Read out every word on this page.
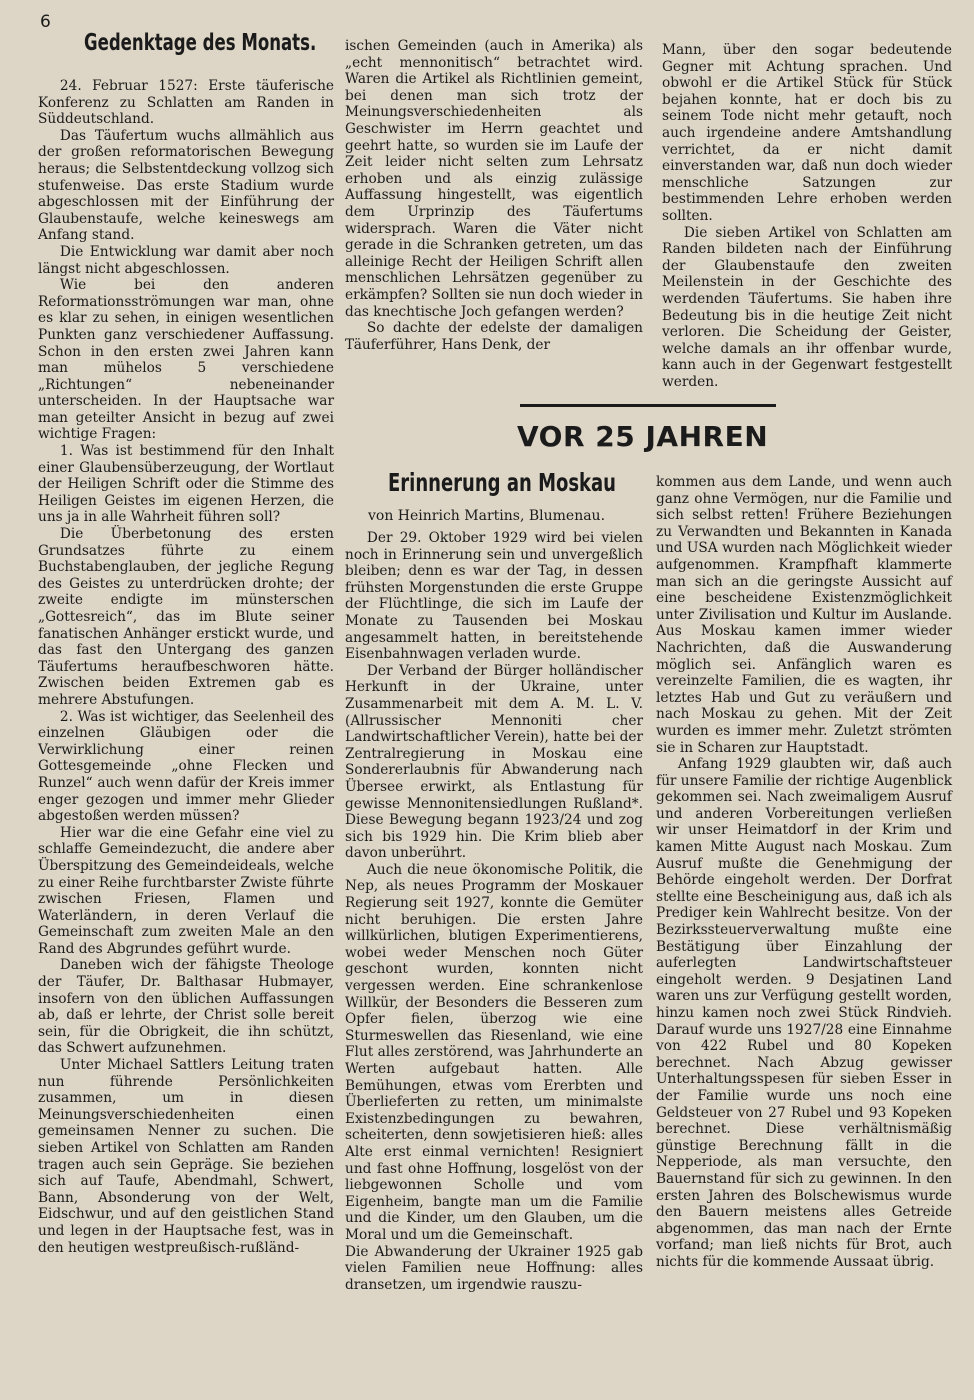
6
Gedenktage des Monats.

24. Februar 1527: Erste täuferische Konferenz zu Schlatten am Randen in Süddeutschland.

Das Täufertum wuchs allmählich aus der großen reformatorischen Bewegung heraus; die Selbstentdeckung vollzog sich stufenweise. Das erste Stadium wurde abgeschlossen mit der Einführung der Glaubenstaufe, welche keineswegs am Anfang stand.

Die Entwicklung war damit aber noch längst nicht abgeschlossen.

Wie bei den anderen Reformationsströmungen war man, ohne es klar zu sehen, in einigen wesentlichen Punkten ganz verschiedener Auffassung. Schon in den ersten zwei Jahren kann man mühelos 5 verschiedene „Richtungen“ nebeneinander unterscheiden. In der Hauptsache war man geteilter Ansicht in bezug auf zwei wichtige Fragen:

1. Was ist bestimmend für den Inhalt einer Glaubensüberzeugung, der Wortlaut der Heiligen Schrift oder die Stimme des Heiligen Geistes im eigenen Herzen, die uns ja in alle Wahrheit führen soll?

Die Überbetonung des ersten Grundsatzes führte zu einem Buchstabenglauben, der jegliche Regung des Geistes zu unterdrücken drohte; der zweite endigte im münsterschen „Gottesreich“, das im Blute seiner fanatischen Anhänger erstickt wurde, und das fast den Untergang des ganzen Täufertums heraufbeschworen hätte. Zwischen beiden Extremen gab es mehrere Abstufungen.

2. Was ist wichtiger, das Seelenheil des einzelnen Gläubigen oder die Verwirklichung einer reinen Gottesgemeinde „ohne Flecken und Runzel“ auch wenn dafür der Kreis immer enger gezogen und immer mehr Glieder abgestoßen werden müssen?

Hier war die eine Gefahr eine viel zu schlaffe Gemeindezucht, die andere aber Überspitzung des Gemeindeideals, welche zu einer Reihe furchtbarster Zwiste führte zwischen Friesen, Flamen und Waterländern, in deren Verlauf die Gemeinschaft zum zweiten Male an den Rand des Abgrundes geführt wurde.

Daneben wich der fähigste Theologe der Täufer, Dr. Balthasar Hubmayer, insofern von den üblichen Auffassungen ab, daß er lehrte, der Christ solle bereit sein, für die Obrigkeit, die ihn schützt, das Schwert aufzunehmen.

Unter Michael Sattlers Leitung traten nun führende Persönlichkeiten zusammen, um in diesen Meinungsverschiedenheiten einen gemeinsamen Nenner zu suchen. Die sieben Artikel von Schlatten am Randen tragen auch sein Gepräge. Sie beziehen sich auf Taufe, Abendmahl, Schwert, Bann, Absonderung von der Welt, Eidschwur, und auf den geistlichen Stand und legen in der Hauptsache fest, was in den heutigen westpreußisch-rußländ-

ischen Gemeinden (auch in Amerika) als „echt mennonitisch“ betrachtet wird. Waren die Artikel als Richtlinien gemeint, bei denen man sich trotz der Meinungsverschiedenheiten als Geschwister im Herrn geachtet und geehrt hatte, so wurden sie im Laufe der Zeit leider nicht selten zum Lehrsatz erhoben und als einzig zulässige Auffassung hingestellt, was eigentlich dem Urprinzip des Täufertums widersprach. Waren die Väter nicht gerade in die Schranken getreten, um das alleinige Recht der Heiligen Schrift allen menschlichen Lehrsätzen gegenüber zu erkämpfen? Sollten sie nun doch wieder in das knechtische Joch gefangen werden?

So dachte der edelste der damaligen Täuferführer, Hans Denk, der

Mann, über den sogar bedeutende Gegner mit Achtung sprachen. Und obwohl er die Artikel Stück für Stück bejahen konnte, hat er doch bis zu seinem Tode nicht mehr getauft, noch auch irgendeine andere Amtshandlung verrichtet, da er nicht damit einverstanden war, daß nun doch wieder menschliche Satzungen zur bestimmenden Lehre erhoben werden sollten.

Die sieben Artikel von Schlatten am Randen bildeten nach der Einführung der Glaubenstaufe den zweiten Meilenstein in der Geschichte des werdenden Täufertums. Sie haben ihre Bedeutung bis in die heutige Zeit nicht verloren. Die Scheidung der Geister, welche damals an ihr offenbar wurde, kann auch in der Gegenwart festgestellt werden.

VOR 25 JAHREN
Erinnerung an Moskau
von Heinrich Martins, Blumenau.

Der 29. Oktober 1929 wird bei vielen noch in Erinnerung sein und unvergeßlich bleiben; denn es war der Tag, in dessen frühsten Morgenstunden die erste Gruppe der Flüchtlinge, die sich im Laufe der Monate zu Tausenden bei Moskau angesammelt hatten, in bereitstehende Eisenbahnwagen verladen wurde.

Der Verband der Bürger holländischer Herkunft in der Ukraine, unter Zusammenarbeit mit dem A. M. L. V. (Allrussischer Mennoniti cher Landwirtschaftlicher Verein), hatte bei der Zentralregierung in Moskau eine Sondererlaubnis für Abwanderung nach Übersee erwirkt, als Entlastung für gewisse Mennonitensiedlungen Rußland*. Diese Bewegung begann 1923/24 und zog sich bis 1929 hin. Die Krim blieb aber davon unberührt.

Auch die neue ökonomische Politik, die Nep, als neues Programm der Moskauer Regierung seit 1927, konnte die Gemüter nicht beruhigen. Die ersten Jahre willkürlichen, blutigen Experimentierens, wobei weder Menschen noch Güter geschont wurden, konnten nicht vergessen werden. Eine schrankenlose Willkür, der Besonders die Besseren zum Opfer fielen, überzog wie eine Sturmeswellen das Riesenland, wie eine Flut alles zerstörend, was Jahrhunderte an Werten aufgebaut hatten. Alle Bemühungen, etwas vom Ererbten und Überlieferten zu retten, um minimalste Existenzbedingungen zu bewahren, scheiterten, denn sowjetisieren hieß: alles Alte erst einmal vernichten! Resigniert und fast ohne Hoffnung, losgelöst von der liebgewonnen Scholle und vom Eigenheim, bangte man um die Familie und die Kinder, um den Glauben, um die Moral und um die Gemeinschaft.

Die Abwanderung der Ukrainer 1925 gab vielen Familien neue Hoffnung: alles dransetzen, um irgendwie rauszu-

kommen aus dem Lande, und wenn auch ganz ohne Vermögen, nur die Familie und sich selbst retten! Frühere Beziehungen zu Verwandten und Bekannten in Kanada und USA wurden nach Möglichkeit wieder aufgenommen. Krampfhaft klammerte man sich an die geringste Aussicht auf eine bescheidene Existenzmöglichkeit unter Zivilisation und Kultur im Auslande. Aus Moskau kamen immer wieder Nachrichten, daß die Auswanderung möglich sei. Anfänglich waren es vereinzelte Familien, die es wagten, ihr letztes Hab und Gut zu veräußern und nach Moskau zu gehen. Mit der Zeit wurden es immer mehr. Zuletzt strömten sie in Scharen zur Hauptstadt.

Anfang 1929 glaubten wir, daß auch für unsere Familie der richtige Augenblick gekommen sei. Nach zweimaligem Ausruf und anderen Vorbereitungen verließen wir unser Heimatdorf in der Krim und kamen Mitte August nach Moskau. Zum Ausruf mußte die Genehmigung der Behörde eingeholt werden. Der Dorfrat stellte eine Bescheinigung aus, daß ich als Prediger kein Wahlrecht besitze. Von der Bezirkssteuerverwaltung mußte eine Bestätigung über Einzahlung der auferlegten Landwirtschaftsteuer eingeholt werden. 9 Desjatinen Land waren uns zur Verfügung gestellt worden, hinzu kamen noch zwei Stück Rindvieh. Darauf wurde uns 1927/28 eine Einnahme von 422 Rubel und 80 Kopeken berechnet. Nach Abzug gewisser Unterhaltungsspesen für sieben Esser in der Familie wurde uns noch eine Geldsteuer von 27 Rubel und 93 Kopeken berechnet. Diese verhältnismäßig günstige Berechnung fällt in die Nepperiode, als man versuchte, den Bauernstand für sich zu gewinnen. In den ersten Jahren des Bolschewismus wurde den Bauern meistens alles Getreide abgenommen, das man nach der Ernte vorfand; man ließ nichts für Brot, auch nichts für die kommende Aussaat übrig.
